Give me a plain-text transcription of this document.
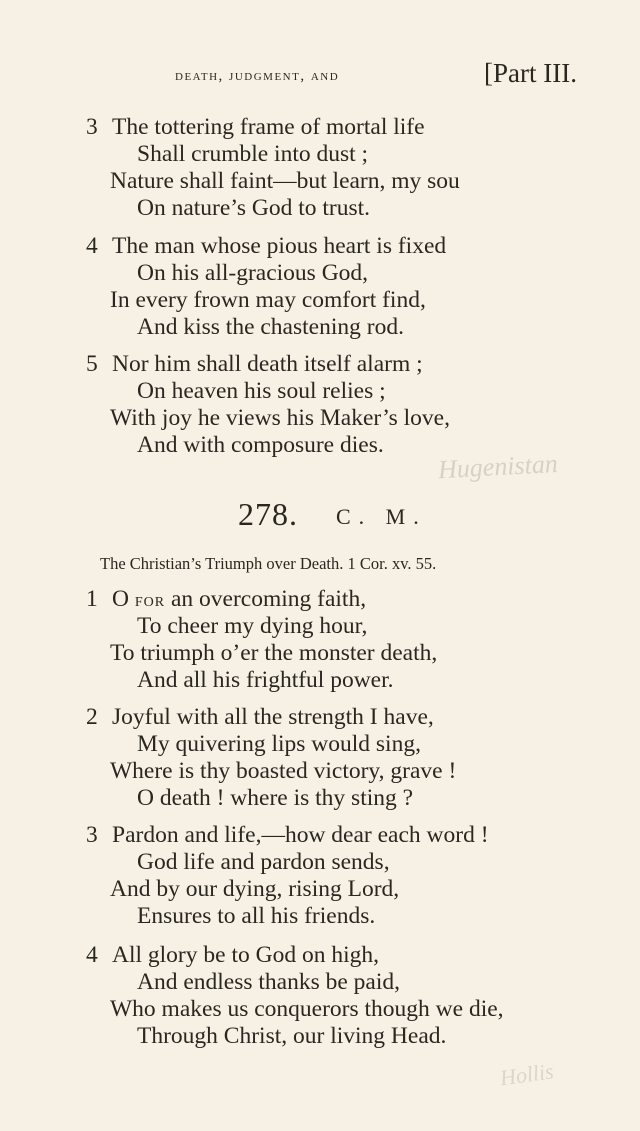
death, judgment, and	[Part III.
3 The tottering frame of mortal life
Shall crumble into dust ;
Nature shall faint—but learn, my sou
On nature’s God to trust.
4 The man whose pious heart is fixed
On his all-gracious God,
In every frown may comfort find,
And kiss the chastening rod.
5 Nor him shall death itself alarm ;
On heaven his soul relies ;
With joy he views his Maker’s love,
And with composure dies.
Hugenistan
278. C. M.
The Christian’s Triumph over Death. 1 Cor. xv. 55.
1 O for an overcoming faith,
To cheer my dying hour,
To triumph o’er the monster death,
And all his frightful power.
2 Joyful with all the strength I have,
My quivering lips would sing,
Where is thy boasted victory, grave !
O death ! where is thy sting ?
3 Pardon and life,—how dear each word !
God life and pardon sends,
And by our dying, rising Lord,
Ensures to all his friends.
4 All glory be to God on high,
And endless thanks be paid,
Who makes us conquerors though we die,
Through Christ, our living Head.
Hollis
